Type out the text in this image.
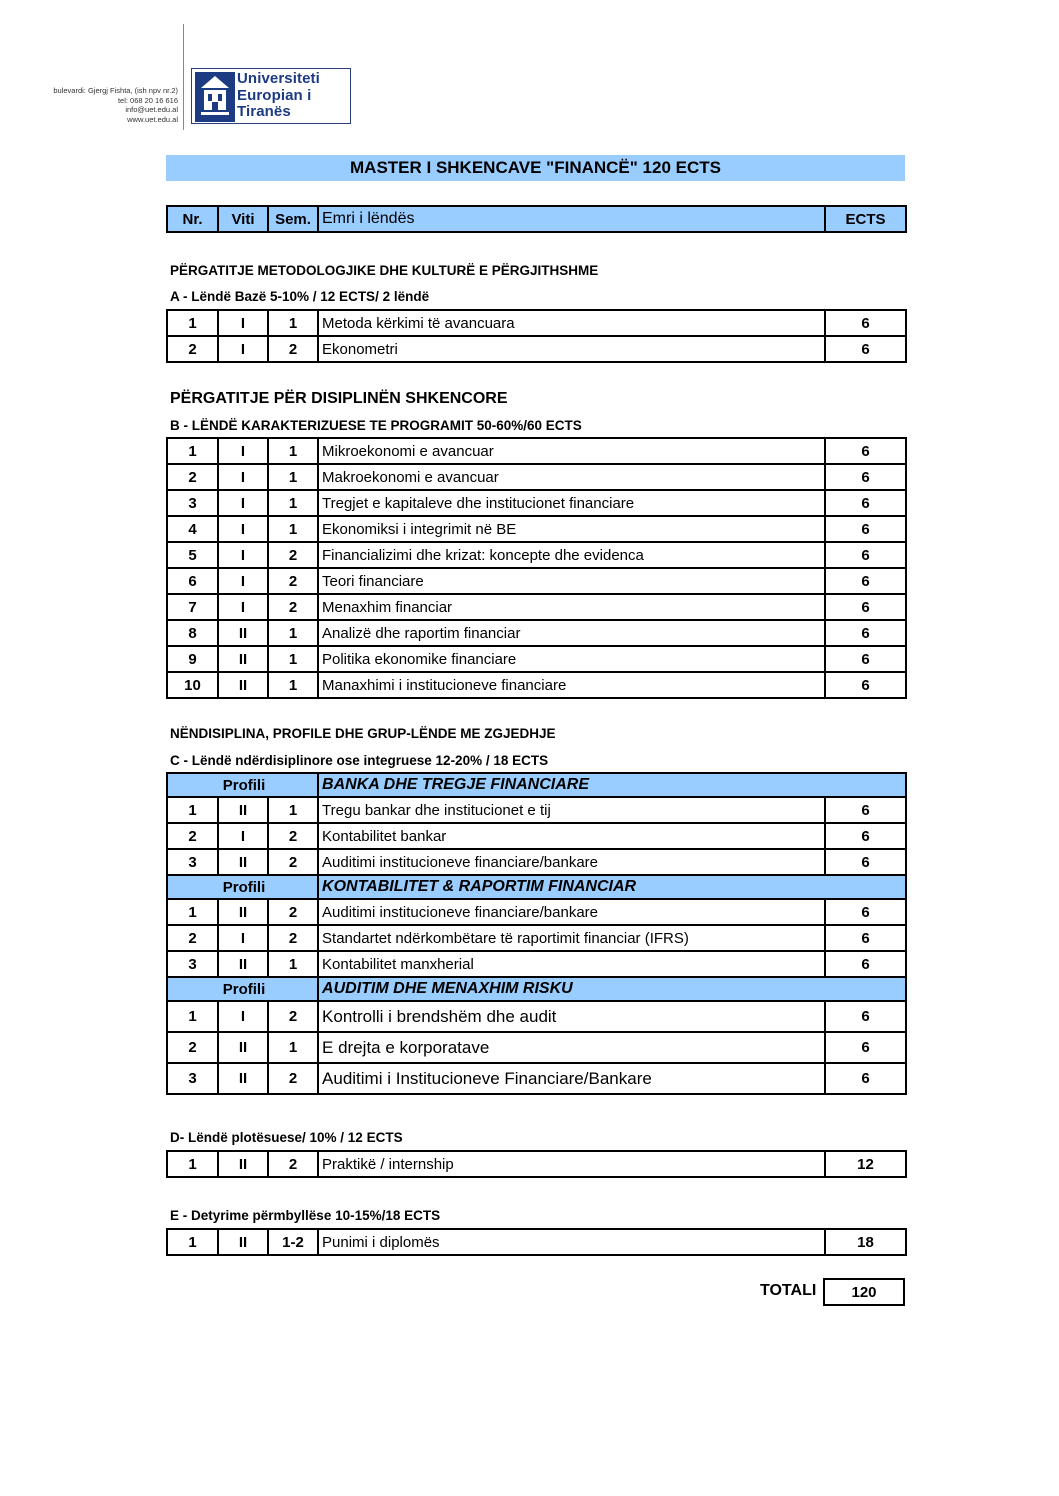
bulevardi: Gjergj Fishta, (ish npv nr.2)
tel: 068 20 16 616
info@uet.edu.al
www.uet.edu.al
Universiteti
Europian i
Tiranës
MASTER I SHKENCAVE "FINANCË" 120 ECTS
Nr.	Viti	Sem.	Emri i lëndës	ECTS
PËRGATITJE METODOLOGJIKE DHE KULTURË E PËRGJITHSHME
A - Lëndë Bazë 5-10% / 12 ECTS/ 2 lëndë
1	I	1	Metoda kërkimi të avancuara	6
2	I	2	Ekonometri	6
PËRGATITJE PËR DISIPLINËN SHKENCORE
B - LËNDË KARAKTERIZUESE TE PROGRAMIT 50-60%/60 ECTS
1	I	1	Mikroekonomi e avancuar	6
2	I	1	Makroekonomi e avancuar	6
3	I	1	Tregjet e kapitaleve dhe institucionet financiare	6
4	I	1	Ekonomiksi i integrimit në BE	6
5	I	2	Financializimi dhe krizat: koncepte dhe evidenca	6
6	I	2	Teori financiare	6
7	I	2	Menaxhim financiar	6
8	II	1	Analizë dhe raportim financiar	6
9	II	1	Politika ekonomike financiare	6
10	II	1	Manaxhimi i institucioneve financiare	6
NËNDISIPLINA, PROFILE DHE GRUP-LËNDE ME ZGJEDHJE
C - Lëndë ndërdisiplinore ose integruese 12-20% / 18 ECTS
Profili			BANKA DHE TREGJE FINANCIARE	
1	II	1	Tregu bankar dhe institucionet e tij	6
2	I	2	Kontabilitet bankar	6
3	II	2	Auditimi institucioneve financiare/bankare	6
Profili			KONTABILITET & RAPORTIM FINANCIAR	
1	II	2	Auditimi institucioneve financiare/bankare	6
2	I	2	Standartet ndërkombëtare të raportimit financiar (IFRS)	6
3	II	1	Kontabilitet manxherial	6
Profili			AUDITIM DHE MENAXHIM RISKU	
1	I	2	Kontrolli i brendshëm dhe audit	6
2	II	1	E drejta e korporatave	6
3	II	2	Auditimi i Institucioneve Financiare/Bankare	6
D- Lëndë plotësuese/ 10% / 12 ECTS
1	II	2	Praktikë / internship	12
E - Detyrime përmbyllëse 10-15%/18 ECTS
1	II	1-2	Punimi i diplomës	18
TOTALI	120
